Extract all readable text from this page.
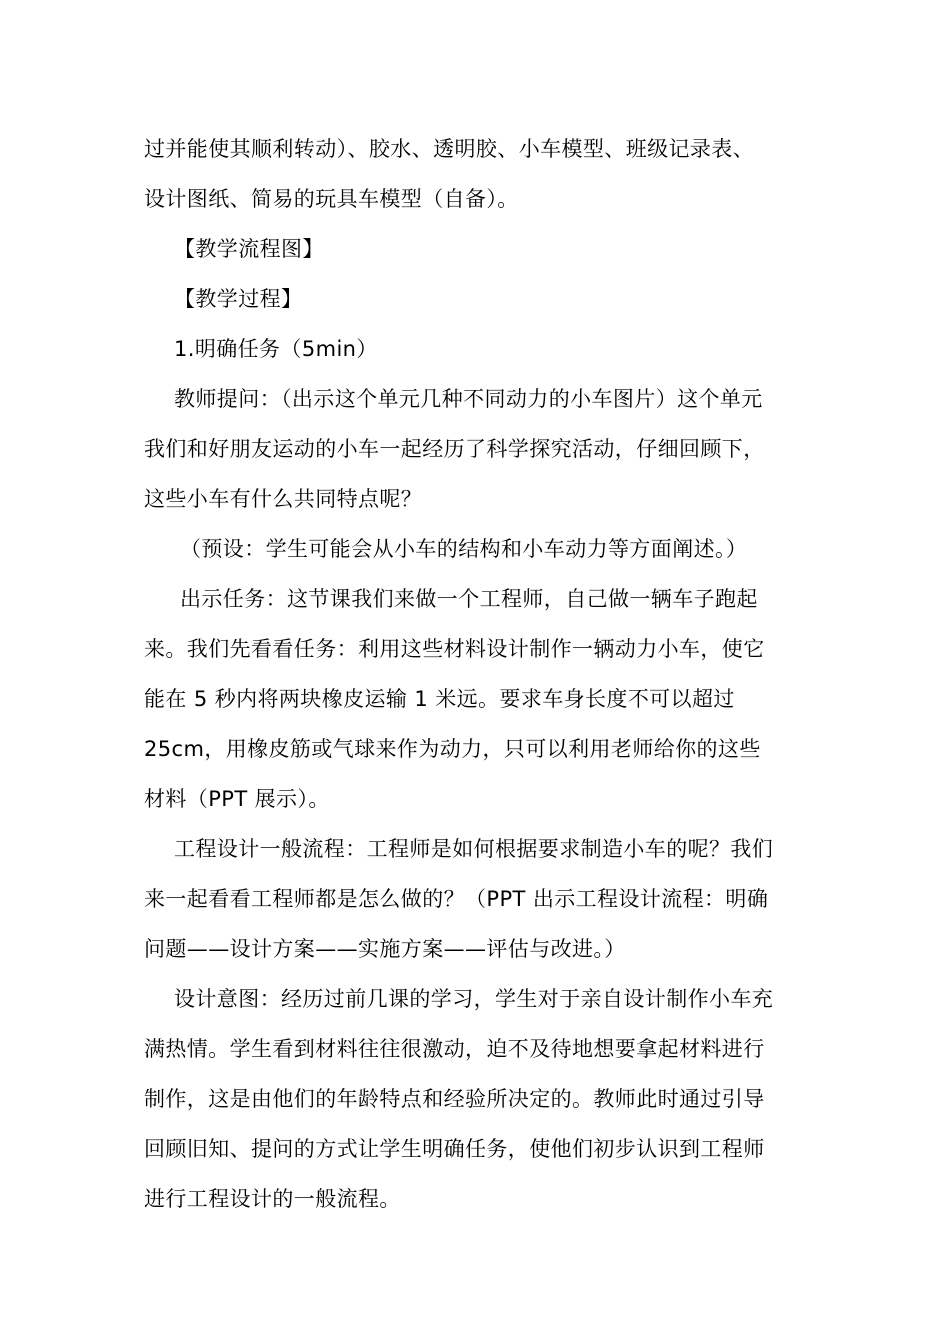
过并能使其顺利转动）、胶水、透明胶、小车模型、班级记录表、
设计图纸、简易的玩具车模型（自备）。
【教学流程图】
【教学过程】
1.明确任务（5min）
教师提问：（出示这个单元几种不同动力的小车图片）这个单元
我们和好朋友运动的小车一起经历了科学探究活动，仔细回顾下，
这些小车有什么共同特点呢？
（预设：学生可能会从小车的结构和小车动力等方面阐述。）
出示任务：这节课我们来做一个工程师，自己做一辆车子跑起
来。我们先看看任务：利用这些材料设计制作一辆动力小车，使它
能在 5 秒内将两块橡皮运输 1 米远。要求车身长度不可以超过
25cm，用橡皮筋或气球来作为动力，只可以利用老师给你的这些
材料（PPT 展示）。
工程设计一般流程：工程师是如何根据要求制造小车的呢？我们
来一起看看工程师都是怎么做的？（PPT 出示工程设计流程：明确
问题——设计方案——实施方案——评估与改进。）
设计意图：经历过前几课的学习，学生对于亲自设计制作小车充
满热情。学生看到材料往往很激动，迫不及待地想要拿起材料进行
制作，这是由他们的年龄特点和经验所决定的。教师此时通过引导
回顾旧知、提问的方式让学生明确任务，使他们初步认识到工程师
进行工程设计的一般流程。
